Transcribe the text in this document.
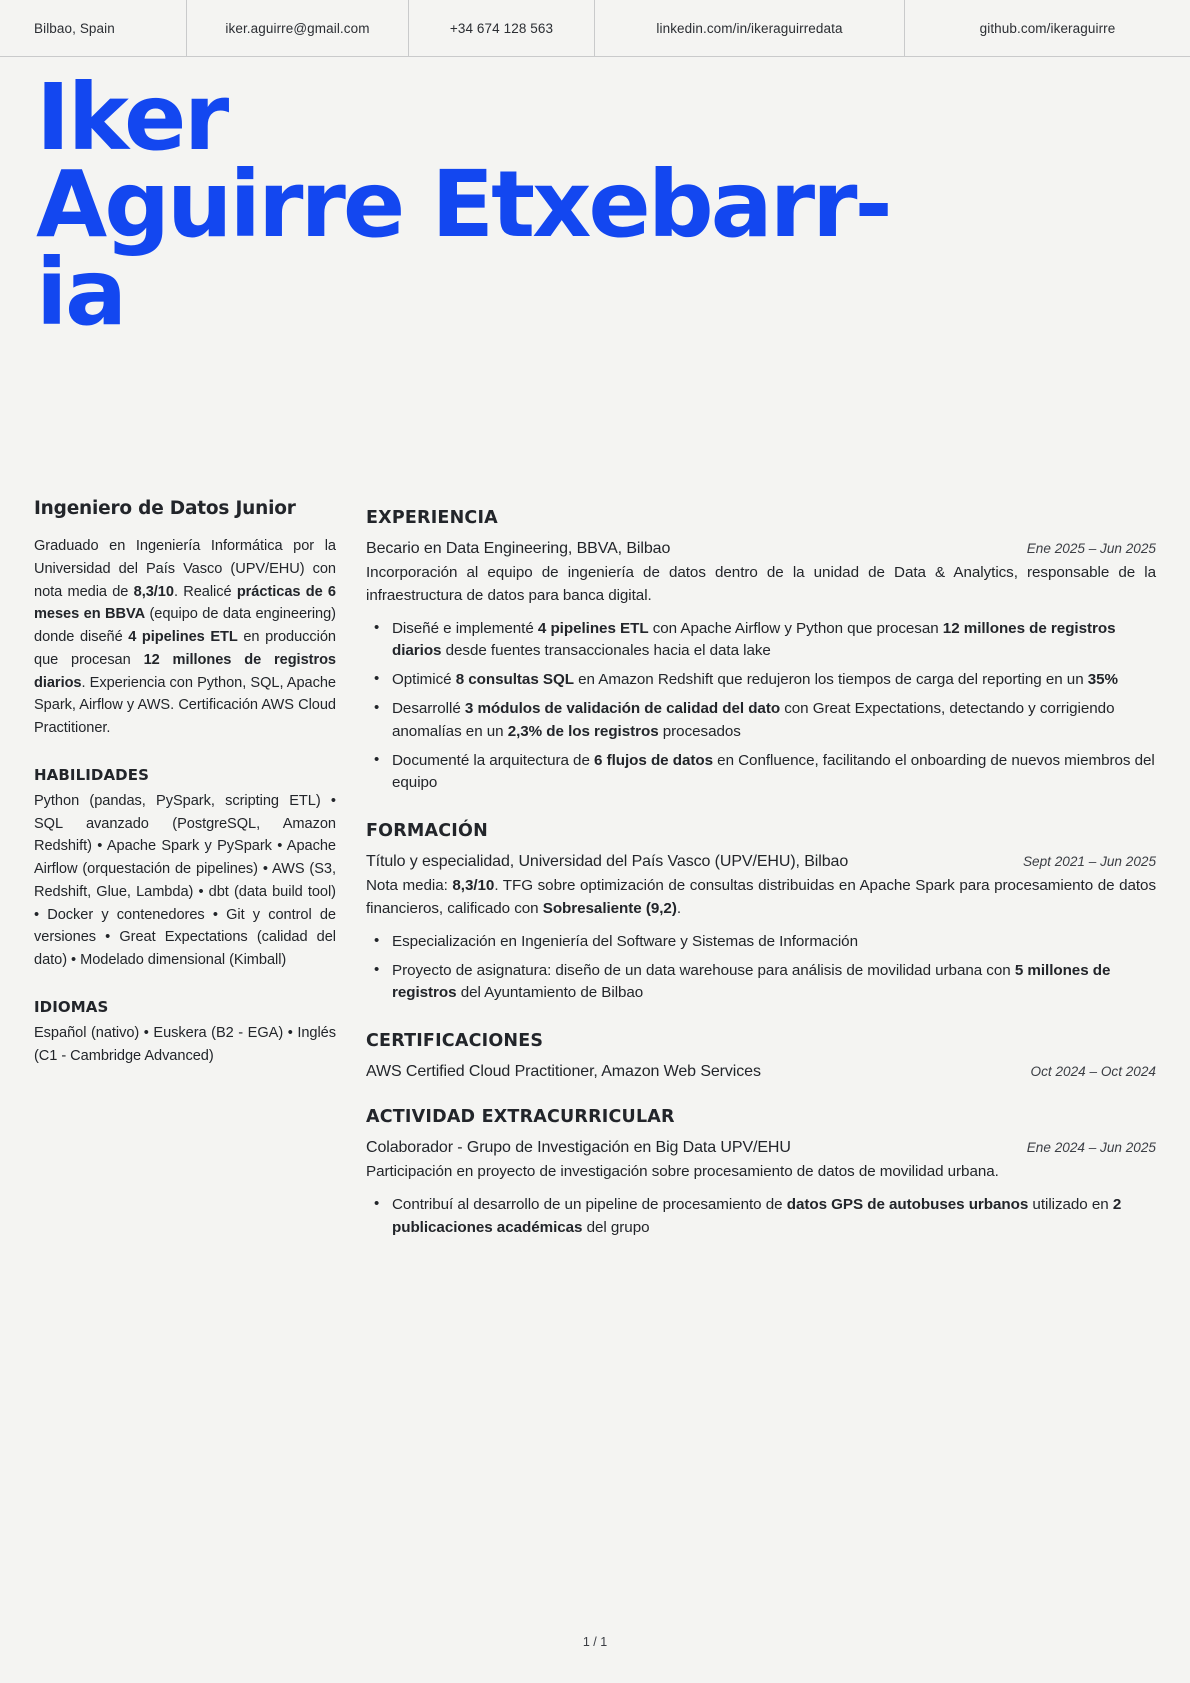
Bilbao, Spain	iker.aguirre@gmail.com	+34 674 128 563	linkedin.com/in/ikeraguirredata	github.com/ikeraguirre
Iker
Aguirre Etxebarr-
ia
Ingeniero de Datos Junior
Graduado en Ingeniería Informática por la Universidad del País Vasco (UPV/EHU) con nota media de 8,3/10. Realicé prácticas de 6 meses en BBVA (equipo de data engineering) donde diseñé 4 pipelines ETL en producción que procesan 12 millones de registros diarios. Experiencia con Python, SQL, Apache Spark, Airflow y AWS. Certificación AWS Cloud Practitioner.
HABILIDADES
Python (pandas, PySpark, scripting ETL) • SQL avanzado (PostgreSQL, Amazon Redshift) • Apache Spark y PySpark • Apache Airflow (orquestación de pipelines) • AWS (S3, Redshift, Glue, Lambda) • dbt (data build tool) • Docker y contenedores • Git y control de versiones • Great Expectations (calidad del dato) • Modelado dimensional (Kimball)
IDIOMAS
Español (nativo) • Euskera (B2 - EGA) • Inglés (C1 - Cambridge Advanced)
EXPERIENCIA
Becario en Data Engineering, BBVA, Bilbao	Ene 2025 – Jun 2025
Incorporación al equipo de ingeniería de datos dentro de la unidad de Data & Analytics, responsable de la infraestructura de datos para banca digital.
• Diseñé e implementé 4 pipelines ETL con Apache Airflow y Python que procesan 12 millones de registros diarios desde fuentes transaccionales hacia el data lake
• Optimicé 8 consultas SQL en Amazon Redshift que redujeron los tiempos de carga del reporting en un 35%
• Desarrollé 3 módulos de validación de calidad del dato con Great Expectations, detectando y corrigiendo anomalías en un 2,3% de los registros procesados
• Documenté la arquitectura de 6 flujos de datos en Confluence, facilitando el onboarding de nuevos miembros del equipo
FORMACIÓN
Título y especialidad, Universidad del País Vasco (UPV/EHU), Bilbao	Sept 2021 – Jun 2025
Nota media: 8,3/10. TFG sobre optimización de consultas distribuidas en Apache Spark para procesamiento de datos financieros, calificado con Sobresaliente (9,2).
• Especialización en Ingeniería del Software y Sistemas de Información
• Proyecto de asignatura: diseño de un data warehouse para análisis de movilidad urbana con 5 millones de registros del Ayuntamiento de Bilbao
CERTIFICACIONES
AWS Certified Cloud Practitioner, Amazon Web Services	Oct 2024 – Oct 2024
ACTIVIDAD EXTRACURRICULAR
Colaborador - Grupo de Investigación en Big Data UPV/EHU	Ene 2024 – Jun 2025
Participación en proyecto de investigación sobre procesamiento de datos de movilidad urbana.
• Contribuí al desarrollo de un pipeline de procesamiento de datos GPS de autobuses urbanos utilizado en 2 publicaciones académicas del grupo
1 / 1
